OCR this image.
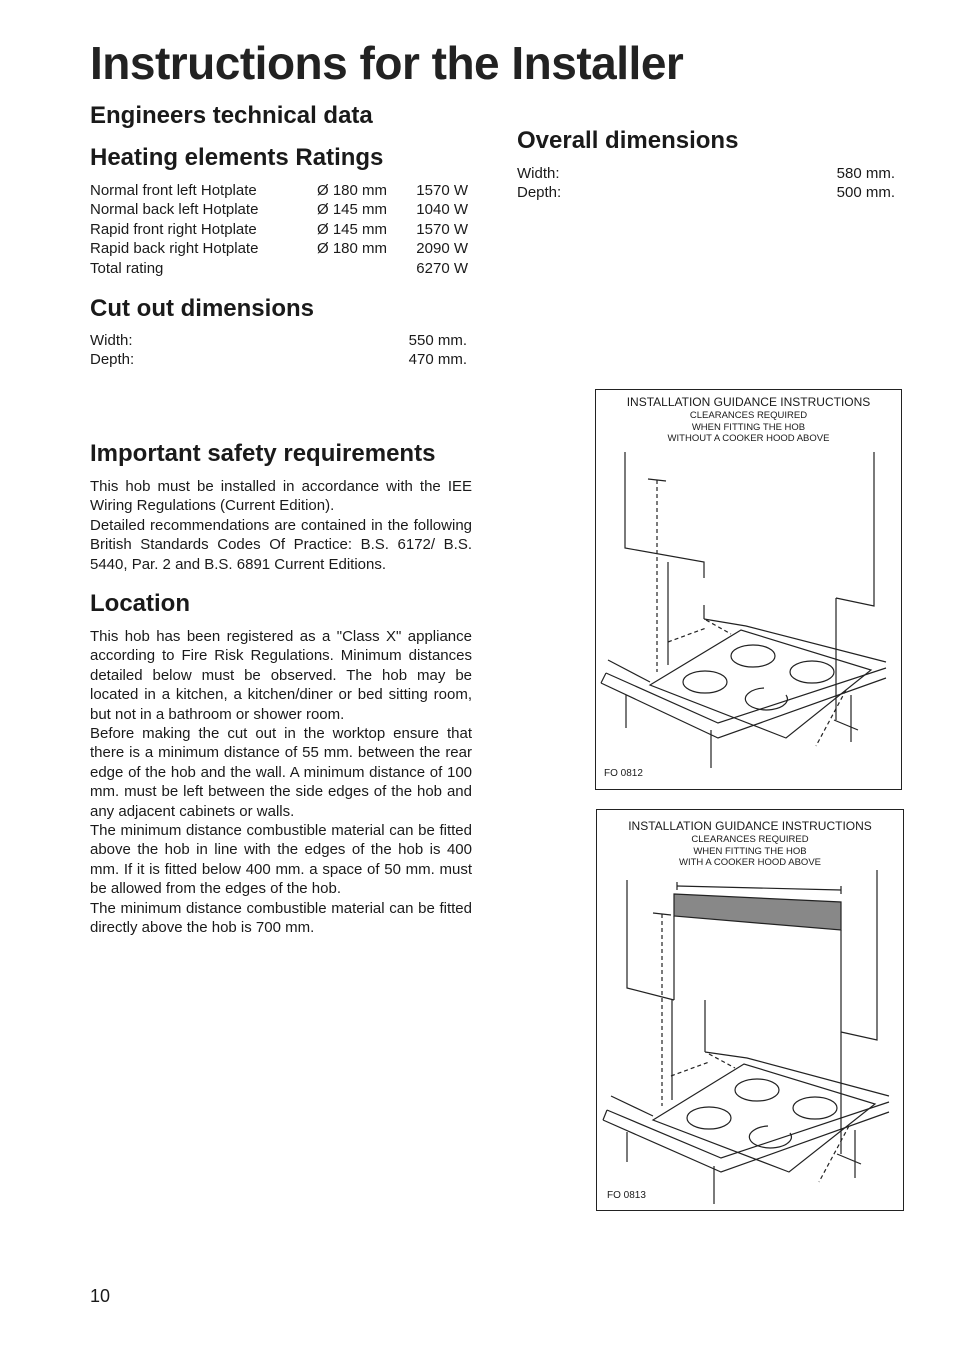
Instructions for the Installer
Engineers technical data
Heating elements Ratings
Normal front left Hotplate	Ø 180 mm 1570 W
Normal back left Hotplate	Ø 145 mm 1040 W
Rapid front right Hotplate	Ø 145 mm 1570 W
Rapid back right Hotplate	Ø 180 mm 2090 W
Total rating	6270 W
Cut out dimensions
Width:	550 mm.
Depth:	470 mm.
Overall dimensions
Width:	580 mm.
Depth:	500 mm.
Important safety requirements

This hob must be installed in accordance with the IEE Wiring Regulations (Current Edition).

Detailed recommendations are contained in the following British Standards Codes Of Practice: B.S. 6172/ B.S. 5440, Par. 2 and B.S. 6891 Current Editions.

Location

This hob has been registered as a "Class X" appliance according to Fire Risk Regulations. Minimum distances detailed below must be observed. The hob may be located in a kitchen, a kitchen/diner or bed sitting room, but not in a bathroom or shower room.

Before making the cut out in the worktop ensure that there is a minimum distance of 55 mm. between the rear edge of the hob and the wall. A minimum distance of 100 mm. must be left between the side edges of the hob and any adjacent cabinets or walls.

The minimum distance combustible material can be fitted above the hob in line with the edges of the hob is 400 mm. If it is fitted below 400 mm. a space of 50 mm. must be allowed from the edges of the hob.

The minimum distance combustible material can be fitted directly above the hob is 700 mm.

INSTALLATION GUIDANCE INSTRUCTIONS
CLEARANCES REQUIRED
WHEN FITTING THE HOB
WITHOUT A COOKER HOOD ABOVE
FO 0812
INSTALLATION GUIDANCE INSTRUCTIONS
CLEARANCES REQUIRED
WHEN FITTING THE HOB
WITH A COOKER HOOD ABOVE
FO 0813
10
